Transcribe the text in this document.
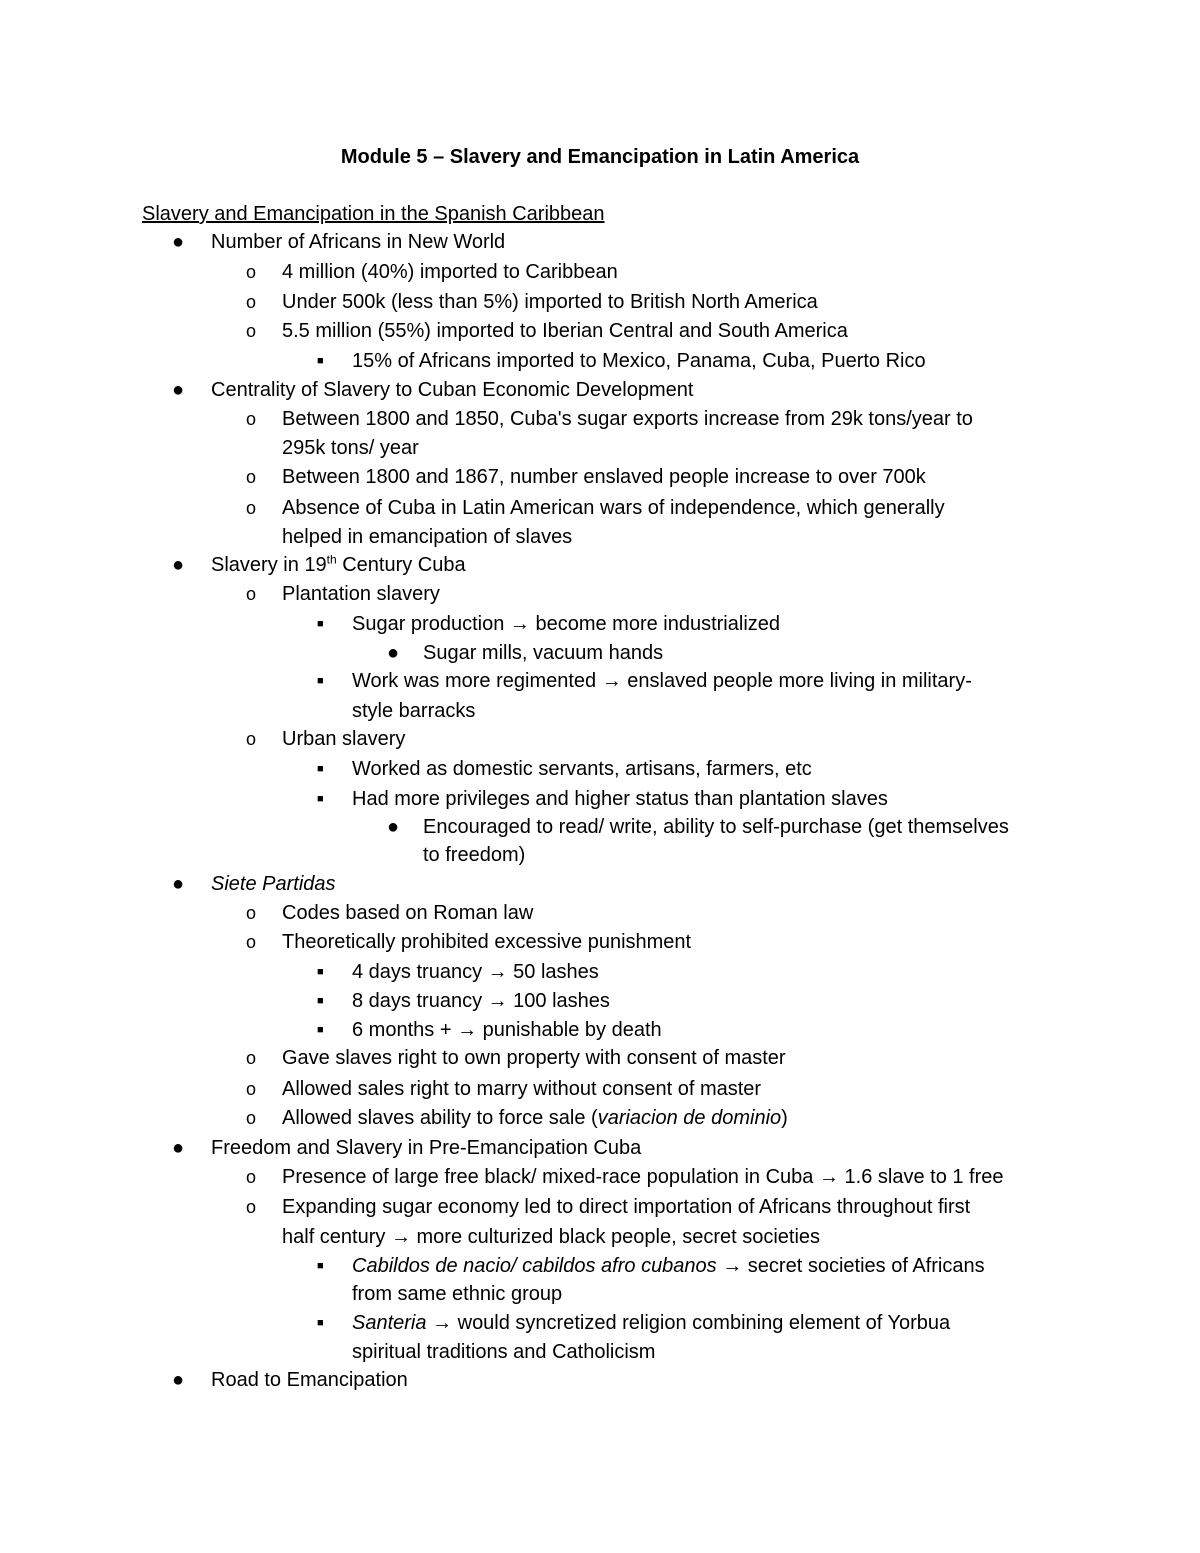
Module 5 – Slavery and Emancipation in Latin America
Slavery and Emancipation in the Spanish Caribbean
● Number of Africans in New World
o 4 million (40%) imported to Caribbean
o Under 500k (less than 5%) imported to British North America
o 5.5 million (55%) imported to Iberian Central and South America
■ 15% of Africans imported to Mexico, Panama, Cuba, Puerto Rico
● Centrality of Slavery to Cuban Economic Development
o Between 1800 and 1850, Cuba's sugar exports increase from 29k tons/year to
295k tons/ year
o Between 1800 and 1867, number enslaved people increase to over 700k
o Absence of Cuba in Latin American wars of independence, which generally
helped in emancipation of slaves
● Slavery in 19th Century Cuba
o Plantation slavery
■ Sugar production → become more industrialized
● Sugar mills, vacuum hands
■ Work was more regimented → enslaved people more living in military-
style barracks
o Urban slavery
■ Worked as domestic servants, artisans, farmers, etc
■ Had more privileges and higher status than plantation slaves
● Encouraged to read/ write, ability to self-purchase (get themselves
to freedom)
● Siete Partidas
o Codes based on Roman law
o Theoretically prohibited excessive punishment
■ 4 days truancy → 50 lashes
■ 8 days truancy → 100 lashes
■ 6 months + → punishable by death
o Gave slaves right to own property with consent of master
o Allowed sales right to marry without consent of master
o Allowed slaves ability to force sale (variacion de dominio)
● Freedom and Slavery in Pre-Emancipation Cuba
o Presence of large free black/ mixed-race population in Cuba → 1.6 slave to 1 free
o Expanding sugar economy led to direct importation of Africans throughout first
half century → more culturized black people, secret societies
■ Cabildos de nacio/ cabildos afro cubanos → secret societies of Africans
from same ethnic group
■ Santeria → would syncretized religion combining element of Yorbua
spiritual traditions and Catholicism
● Road to Emancipation
